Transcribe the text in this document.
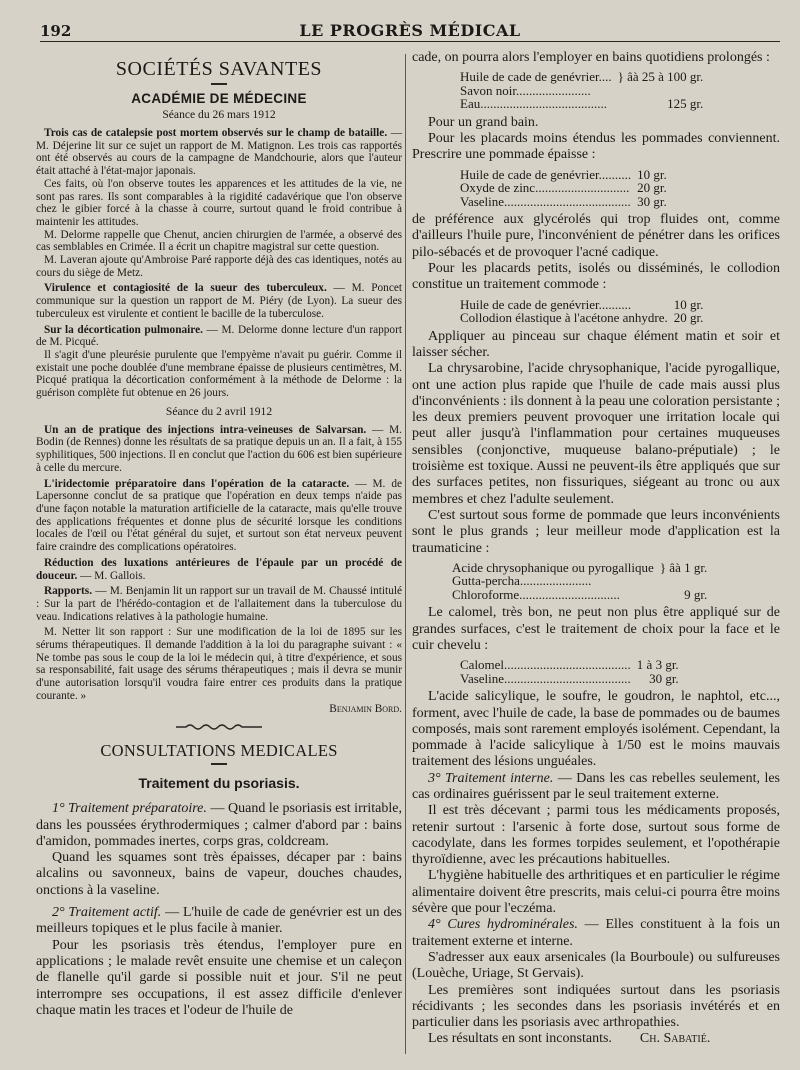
192	LE PROGRÈS MÉDICAL
SOCIÉTÉS SAVANTES
ACADÉMIE DE MÉDECINE
Séance du 26 mars 1912

Trois cas de catalepsie post mortem observés sur le champ de bataille. — M. Déjerine lit sur ce sujet un rapport de M. Matignon. Les trois cas rapportés ont été observés au cours de la campagne de Mandchourie, alors que l'auteur était attaché à l'état-major japonais.

Ces faits, où l'on observe toutes les apparences et les attitudes de la vie, ne sont pas rares. Ils sont comparables à la rigidité cadavérique que l'on observe chez le gibier forcé à la chasse à courre, surtout quand le froid contribue à maintenir les attitudes.

M. Delorme rappelle que Chenut, ancien chirurgien de l'armée, a observé des cas semblables en Crimée. Il a écrit un chapitre magistral sur cette question.

M. Laveran ajoute qu'Ambroise Paré rapporte déjà des cas identiques, notés au cours du siège de Metz.

Virulence et contagiosité de la sueur des tuberculeux. — M. Poncet communique sur la question un rapport de M. Piéry (de Lyon). La sueur des tuberculeux est virulente et contient le bacille de la tuberculose.

Sur la décortication pulmonaire. — M. Delorme donne lecture d'un rapport de M. Picqué.

Il s'agit d'une pleurésie purulente que l'empyème n'avait pu guérir. Comme il existait une poche doublée d'une membrane épaisse de plusieurs centimètres, M. Picqué pratiqua la décortication conformément à la méthode de Delorme : la guérison complète fut obtenue en 26 jours.

Séance du 2 avril 1912

Un an de pratique des injections intra-veineuses de Salvarsan. — M. Bodin (de Rennes) donne les résultats de sa pratique depuis un an. Il a fait, à 155 syphilitiques, 500 injections. Il en conclut que l'action du 606 est bien supérieure à celle du mercure.

L'iridectomie préparatoire dans l'opération de la cataracte. — M. de Lapersonne conclut de sa pratique que l'opération en deux temps n'aide pas d'une façon notable la maturation artificielle de la cataracte, mais qu'elle trouve des applications fréquentes et donne plus de sécurité lorsque les conditions locales de l'œil ou l'état général du sujet, et surtout son état nerveux peuvent faire craindre des complications opératoires.

Réduction des luxations antérieures de l'épaule par un procédé de douceur. — M. Gallois.

Rapports. — M. Benjamin lit un rapport sur un travail de M. Chaussé intitulé : Sur la part de l'hérédo-contagion et de l'allaitement dans la tuberculose du veau. Indications relatives à la pathologie humaine.

M. Netter lit son rapport : Sur une modification de la loi de 1895 sur les sérums thérapeutiques. Il demande l'addition à la loi du paragraphe suivant : « Ne tombe pas sous le coup de la loi le médecin qui, à titre d'expérience, et sous sa responsabilité, fait usage des sérums thérapeutiques ; mais il devra se munir d'une autorisation lorsqu'il voudra faire entrer ces produits dans la pratique courante. »

Benjamin Bord.

CONSULTATIONS MEDICALES
Traitement du psoriasis.

1° Traitement préparatoire. — Quand le psoriasis est irritable, dans les poussées érythrodermiques ; calmer d'abord par : bains d'amidon, pommades inertes, corps gras, coldcream.

Quand les squames sont très épaisses, décaper par : bains alcalins ou savonneux, bains de vapeur, douches chaudes, onctions à la vaseline.

2° Traitement actif. — L'huile de cade de genévrier est un des meilleurs topiques et le plus facile à manier.

Pour les psoriasis très étendus, l'employer pure en applications ; le malade revêt ensuite une chemise et un caleçon de flanelle qu'il garde si possible nuit et jour. S'il ne peut interrompre ses occupations, il est assez difficile d'enlever chaque matin les traces et l'odeur de l'huile de

cade, on pourra alors l'employer en bains quotidiens prolongés :

Huile de cade de genévrier....	} âà 25 à 100 gr.
Savon noir.......................	
Eau.......................................	125 gr.

Pour un grand bain.

Pour les placards moins étendus les pommades conviennent. Prescrire une pommade épaisse :

Huile de cade de genévrier..........	10 gr.
Oxyde de zinc.............................	20 gr.
Vaseline.......................................	30 gr.

de préférence aux glycérolés qui trop fluides ont, comme d'ailleurs l'huile pure, l'inconvénient de pénétrer dans les orifices pilo-sébacés et de provoquer l'acné cadique.

Pour les placards petits, isolés ou disséminés, le collodion constitue un traitement commode :

Huile de cade de genévrier..........	10 gr.
Collodion élastique à l'acétone anhydre.	20 gr.

Appliquer au pinceau sur chaque élément matin et soir et laisser sécher.

La chrysarobine, l'acide chrysophanique, l'acide pyrogallique, ont une action plus rapide que l'huile de cade mais aussi plus d'inconvénients : ils donnent à la peau une coloration persistante ; les deux premiers peuvent provoquer une irritation locale qui peut aller jusqu'à l'inflammation pour certaines muqueuses sensibles (conjonctive, muqueuse balano-préputiale) ; le troisième est toxique. Aussi ne peuvent-ils être appliqués que sur des surfaces petites, non fissuriques, siégeant au tronc ou aux membres et chez l'adulte seulement.

C'est surtout sous forme de pommade que leurs inconvénients sont le plus grands ; leur meilleur mode d'application est la traumaticine :

Acide chrysophanique ou pyrogallique	} âà 1 gr.
Gutta-percha......................	
Chloroforme...............................	9 gr.

Le calomel, très bon, ne peut non plus être appliqué sur de grandes surfaces, c'est le traitement de choix pour la face et le cuir chevelu :

Calomel.......................................	1 à 3 gr.
Vaseline.......................................	30 gr.

L'acide salicylique, le soufre, le goudron, le naphtol, etc..., forment, avec l'huile de cade, la base de pommades ou de baumes composés, mais sont rarement employés isolément. Cependant, la pommade à l'acide salicylique à 1/50 est le moins mauvais traitement des lésions unguéales.

3° Traitement interne. — Dans les cas rebelles seulement, les cas ordinaires guérissent par le seul traitement externe.

Il est très décevant ; parmi tous les médicaments proposés, retenir surtout : l'arsenic à forte dose, surtout sous forme de cacodylate, dans les formes torpides seulement, et l'opothérapie thyroïdienne, avec les précautions habituelles.

L'hygiène habituelle des arthritiques et en particulier le régime alimentaire doivent être prescrits, mais celui-ci pourra être moins sévère que pour l'eczéma.

4° Cures hydrominérales. — Elles constituent à la fois un traitement externe et interne.

S'adresser aux eaux arsenicales (la Bourboule) ou sulfureuses (Louèche, Uriage, St Gervais).

Les premières sont indiquées surtout dans les psoriasis récidivants ; les secondes dans les psoriasis invétérés et en particulier dans les psoriasis avec arthropathies.

Les résultats en sont inconstants. Ch. Sabatié.
